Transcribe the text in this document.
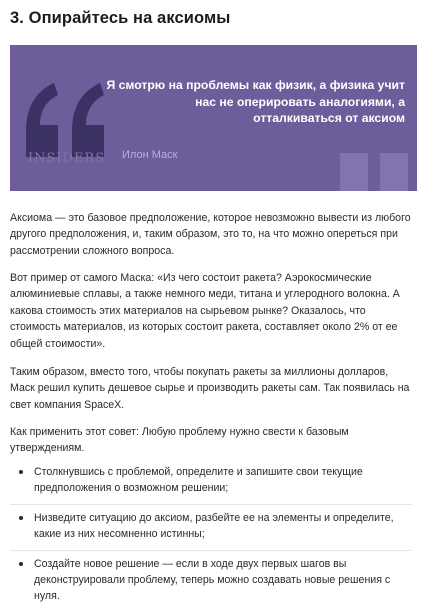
3. Опирайтесь на аксиомы
INSIDERS

Я смотрю на проблемы как физик, а физика учит нас не оперировать аналогиями, а отталкиваться от аксиом

Илон Маск

Аксиома — это базовое предположение, которое невозможно вывести из любого другого предположения, и, таким образом, это то, на что можно опереться при рассмотрении сложного вопроса.

Вот пример от самого Маска: «Из чего состоит ракета? Аэрокосмические алюминиевые сплавы, а также немного меди, титана и углеродного волокна. А какова стоимость этих материалов на сырьевом рынке? Оказалось, что стоимость материалов, из которых состоит ракета, составляет около 2% от ее общей стоимости».

Таким образом, вместо того, чтобы покупать ракеты за миллионы долларов, Маск решил купить дешевое сырье и производить ракеты сам. Так появилась на свет компания SpaceX.

Как применить этот совет: Любую проблему нужно свести к базовым утверждениям.

Столкнувшись с проблемой, определите и запишите свои текущие предположения о возможном решении;
Низведите ситуацию до аксиом, разбейте ее на элементы и определите, какие из них несомненно истинны;
Создайте новое решение — если в ходе двух первых шагов вы деконструировали проблему, теперь можно создавать новые решения с нуля.
